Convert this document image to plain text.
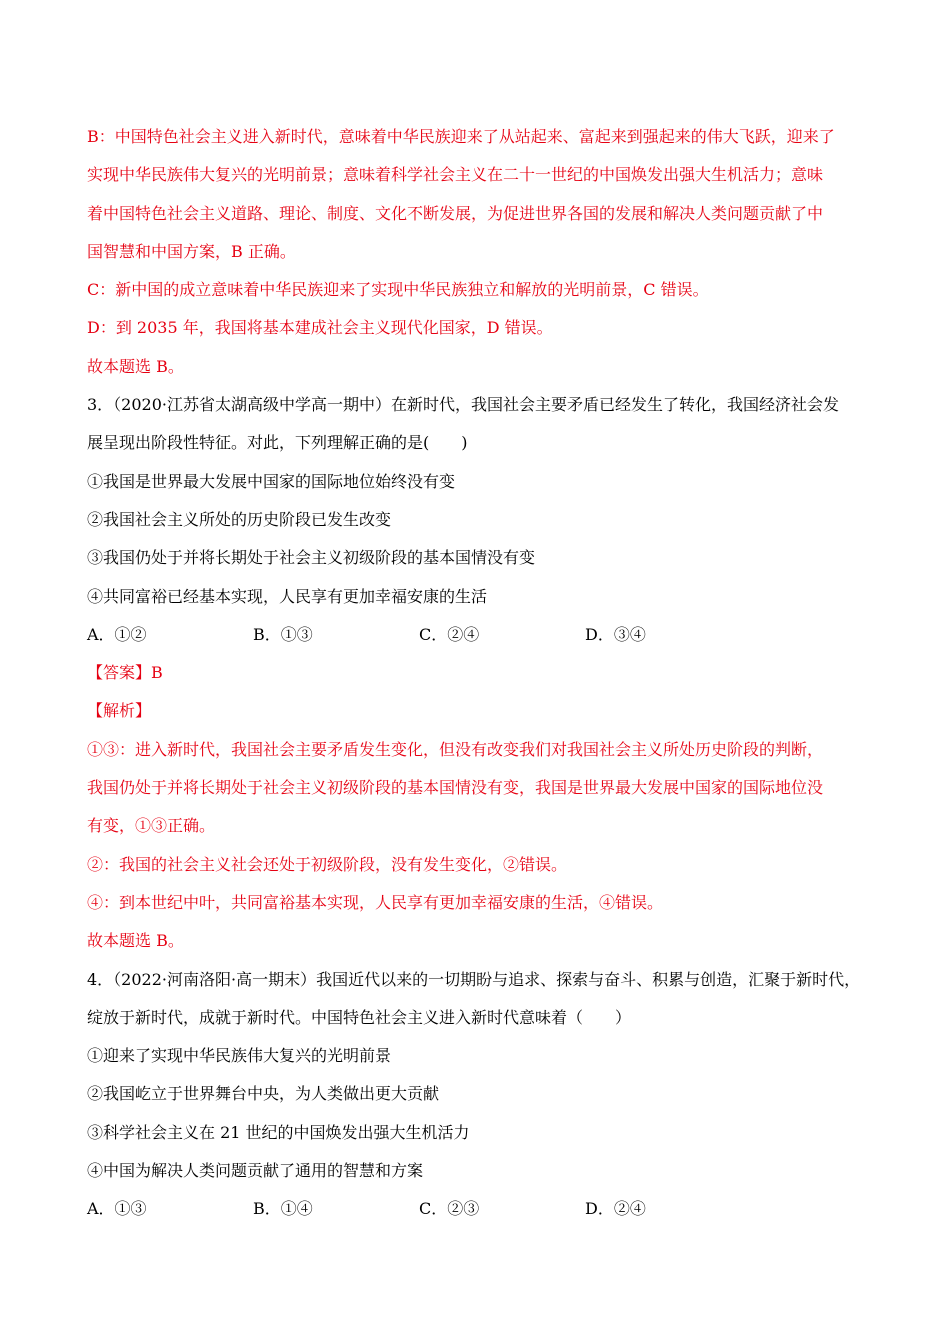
B：中国特色社会主义进入新时代，意味着中华民族迎来了从站起来、富起来到强起来的伟大飞跃，迎来了
实现中华民族伟大复兴的光明前景；意味着科学社会主义在二十一世纪的中国焕发出强大生机活力；意味
着中国特色社会主义道路、理论、制度、文化不断发展，为促进世界各国的发展和解决人类问题贡献了中
国智慧和中国方案，B 正确。
C：新中国的成立意味着中华民族迎来了实现中华民族独立和解放的光明前景，C 错误。
D：到 2035 年，我国将基本建成社会主义现代化国家，D 错误。
故本题选 B。
3．（2020·江苏省太湖高级中学高一期中）在新时代，我国社会主要矛盾已经发生了转化，我国经济社会发
展呈现出阶段性特征。对此，下列理解正确的是(　　)
①我国是世界最大发展中国家的国际地位始终没有变
②我国社会主义所处的历史阶段已发生改变
③我国仍处于并将长期处于社会主义初级阶段的基本国情没有变
④共同富裕已经基本实现，人民享有更加幸福安康的生活
A．①②	B．①③	C．②④	D．③④
【答案】B
【解析】
①③：进入新时代，我国社会主要矛盾发生变化，但没有改变我们对我国社会主义所处历史阶段的判断，
我国仍处于并将长期处于社会主义初级阶段的基本国情没有变，我国是世界最大发展中国家的国际地位没
有变，①③正确。
②：我国的社会主义社会还处于初级阶段，没有发生变化，②错误。
④：到本世纪中叶，共同富裕基本实现，人民享有更加幸福安康的生活，④错误。
故本题选 B。
4．（2022·河南洛阳·高一期末）我国近代以来的一切期盼与追求、探索与奋斗、积累与创造，汇聚于新时代，
绽放于新时代，成就于新时代。中国特色社会主义进入新时代意味着（　　）
①迎来了实现中华民族伟大复兴的光明前景
②我国屹立于世界舞台中央，为人类做出更大贡献
③科学社会主义在 21 世纪的中国焕发出强大生机活力
④中国为解决人类问题贡献了通用的智慧和方案
A．①③	B．①④	C．②③	D．②④
